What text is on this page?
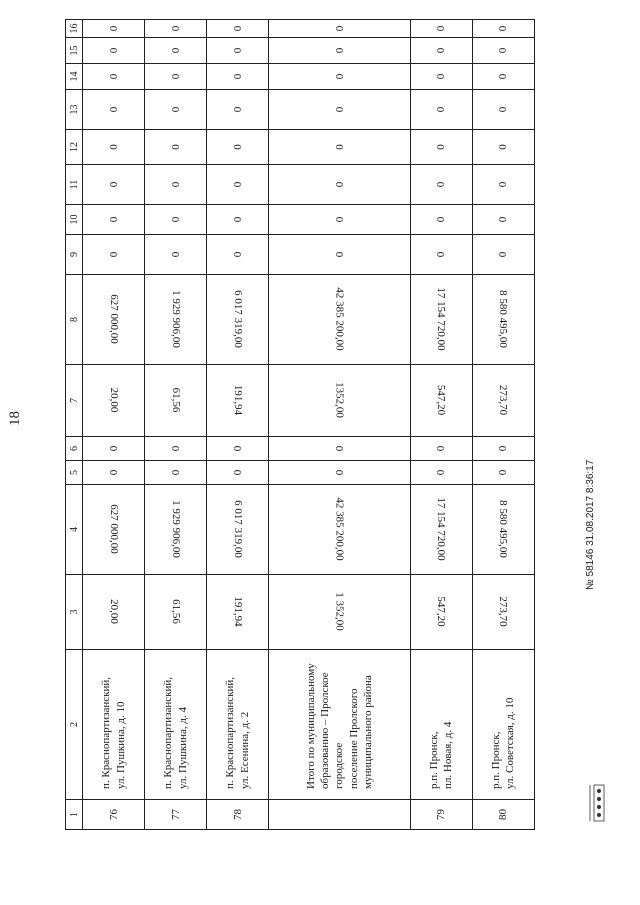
18
1	2	3	4	5	6	7	8	9	10	11	12	13	14	15	16
76	п. Краснопартизанский, ул. Пушкина, д. 10	20,00	627 000,00	0	0	20,00	627 000,00	0	0	0	0	0	0	0	0
77	п. Краснопартизанский, ул. Пушкина, д. 4	61,56	1 929 906,00	0	0	61,56	1 929 906,00	0	0	0	0	0	0	0	0
78	п. Краснопартизанский, ул. Есенина, д. 2	191,94	6 017 319,00	0	0	191,94	6 017 319,00	0	0	0	0	0	0	0	0

	Итого по муниципальному образованию – Пролское городское поселение Пролского муниципального района	1 352,00	42 385 200,00	0	0	1352,00	42 385 200,00	0	0	0	0	0	0	0	0
79	р.п. Пронск, пл. Новая, д. 4	547,20	17 154 720,00	0	0	547,20	17 154 720,00	0	0	0	0	0	0	0	0
80	р.п. Пронск, ул. Советская, д. 10	273,70	8 580 495,00	0	0	273,70	8 580 495,00	0	0	0	0	0	0	0	0
№ 58146 31.08.2017 8:36:17
